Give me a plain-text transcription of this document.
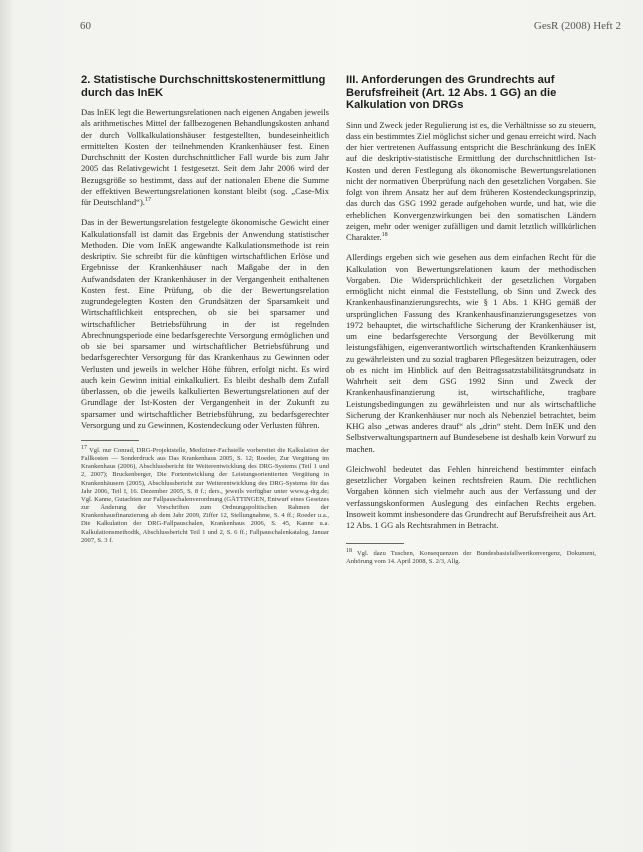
60	GesR (2008) Heft 2
2. Statistische Durchschnittskostenermittlung durch das InEK

Das InEK legt die Bewertungsrelationen nach eigenen Angaben jeweils als arithmetisches Mittel der fallbezogenen Behandlungskosten anhand der durch Vollkalkulationshäuser festgestellten, bundeseinheitlich ermittelten Kosten der teilnehmenden Krankenhäuser fest. Einen Durchschnitt der Kosten durchschnittlicher Fall wurde bis zum Jahr 2005 das Relativgewicht 1 festgesetzt. Seit dem Jahr 2006 wird der Bezugsgröße so bestimmt, dass auf der nationalen Ebene die Summe der effektiven Bewertungsrelationen konstant bleibt (sog. „Case-Mix für Deutschland“).$^{17}$

Das in der Bewertungsrelation festgelegte ökonomische Gewicht einer Kalkulationsfall ist damit das Ergebnis der Anwendung statistischer Methoden. Die vom InEK angewandte Kalkulationsmethode ist rein deskriptiv. Sie schreibt für die künftigen wirtschaftlichen Erlöse und Ergebnisse der Krankenhäuser nach Maßgabe der in den Aufwandsdaten der Krankenhäuser in der Vergangenheit enthaltenen Kosten fest. Eine Prüfung, ob die der Bewertungsrelation zugrundegelegten Kosten den Grundsätzen der Sparsamkeit und Wirtschaftlichkeit entsprechen, ob sie bei sparsamer und wirtschaftlicher Betriebsführung in der ist regelnden Abrechnungsperiode eine bedarfsgerechte Versorgung ermöglichen und ob sie bei sparsamer und wirtschaftlicher Betriebsführung und bedarfsgerechter Versorgung für das Krankenhaus zu Gewinnen oder Verlusten und jeweils in welcher Höhe führen, erfolgt nicht. Es wird auch kein Gewinn initial einkalkuliert. Es bleibt deshalb dem Zufall überlassen, ob die jeweils kalkulierten Bewertungsrelationen auf der Grundlage der Ist-Kosten der Vergangenheit in der Zukunft zu sparsamer und wirtschaftlicher Betriebsführung, zu bedarfsgerechter Versorgung und zu Gewinnen, Kostendeckung oder Verlusten führen.

$^{17}$ Vgl. nur Conrad, DRG-Projektstelle, Mediziner-Fachstelle vorbereitet die Kalkulation der Fallkosten — Sonderdruck aus Das Krankenhaus 2005, S. 12; Roeder, Zur Vergütung im Krankenhaus (2006), Abschlussbericht für Weiterentwicklung des DRG-Systems (Teil 1 und 2, 2007); Bruckenberger, Die Fortentwicklung der Leistungsorientierten Vergütung in Krankenhäusern (2005), Abschlussbericht zur Weiterentwicklung des DRG-Systems für das Jahr 2006, Teil I, 16. Dezember 2005, S. 8 f.; ders., jeweils verfügbar unter www.g-drg.de; Vgl. Kanne, Gutachten zur Fallpauschalenverordnung (GÄTTINGEN, Entwurf eines Gesetzes zur Änderung der Vorschriften zum Ordnungspolitischen Rahmen der Krankenhausfinanzierung ab dem Jahr 2009, Ziffer 12, Stellungnahme, S. 4 ff.; Roeder u.a., Die Kalkulation der DRG-Fallpauschalen, Krankenhaus 2006, S. 45, Kanne u.a. Kalkulationsmethodik, Abschlussbericht Teil 1 und 2, S. 6 ff.; Fallpauschalenkatalog, Januar 2007, S. 3 f.

III. Anforderungen des Grundrechts auf Berufsfreiheit (Art. 12 Abs. 1 GG) an die Kalkulation von DRGs

Sinn und Zweck jeder Regulierung ist es, die Verhältnisse so zu steuern, dass ein bestimmtes Ziel möglichst sicher und genau erreicht wird. Nach der hier vertretenen Auffassung entspricht die Beschränkung des InEK auf die deskriptiv-statistische Ermittlung der durchschnittlichen Ist-Kosten und deren Festlegung als ökonomische Bewertungsrelationen nicht der normativen Überprüfung nach den gesetzlichen Vorgaben. Sie folgt von ihrem Ansatz her auf dem früheren Kostendeckungsprinzip, das durch das GSG 1992 gerade aufgehoben wurde, und hat, wie die erheblichen Konvergenzwirkungen bei den somatischen Ländern zeigen, mehr oder weniger zufälligen und damit letztlich willkürlichen Charakter.$^{18}$

Allerdings ergeben sich wie gesehen aus dem einfachen Recht für die Kalkulation von Bewertungsrelationen kaum der methodischen Vorgaben. Die Widersprüchlichkeit der gesetzlichen Vorgaben ermöglicht nicht einmal die Feststellung, ob Sinn und Zweck des Krankenhausfinanzierungsrechts, wie § 1 Abs. 1 KHG gemäß der ursprünglichen Fassung des Krankenhausfinanzierungsgesetzes von 1972 behauptet, die wirtschaftliche Sicherung der Krankenhäuser ist, um eine bedarfsgerechte Versorgung der Bevölkerung mit leistungsfähigen, eigenverantwortlich wirtschaftenden Krankenhäusern zu gewährleisten und zu sozial tragbaren Pflegesätzen beizutragen, oder ob es nicht im Hinblick auf den Beitragssatzstabilitätsgrundsatz in Wahrheit seit dem GSG 1992 Sinn und Zweck der Krankenhausfinanzierung ist, wirtschaftliche, tragbare Leistungsbedingungen zu gewährleisten und nur als wirtschaftliche Sicherung der Krankenhäuser nur noch als Nebenziel betrachtet, beim KHG also „etwas anderes drauf“ als „drin“ steht. Dem InEK und den Selbstverwaltungspartnern auf Bundesebene ist deshalb kein Vorwurf zu machen.

Gleichwohl bedeutet das Fehlen hinreichend bestimmter einfach gesetzlicher Vorgaben keinen rechtsfreien Raum. Die rechtlichen Vorgaben können sich vielmehr auch aus der Verfassung und der verfassungskonformen Auslegung des einfachen Rechts ergeben. Insoweit kommt insbesondere das Grundrecht auf Berufsfreiheit aus Art. 12 Abs. 1 GG als Rechtsrahmen in Betracht.

$^{18}$ Vgl. dazu Tuschen, Konsequenzen der Bundesbasisfallwertkonvergenz, Dokument, Anhörung vom 14. April 2008, S. 2/3, Allg.
